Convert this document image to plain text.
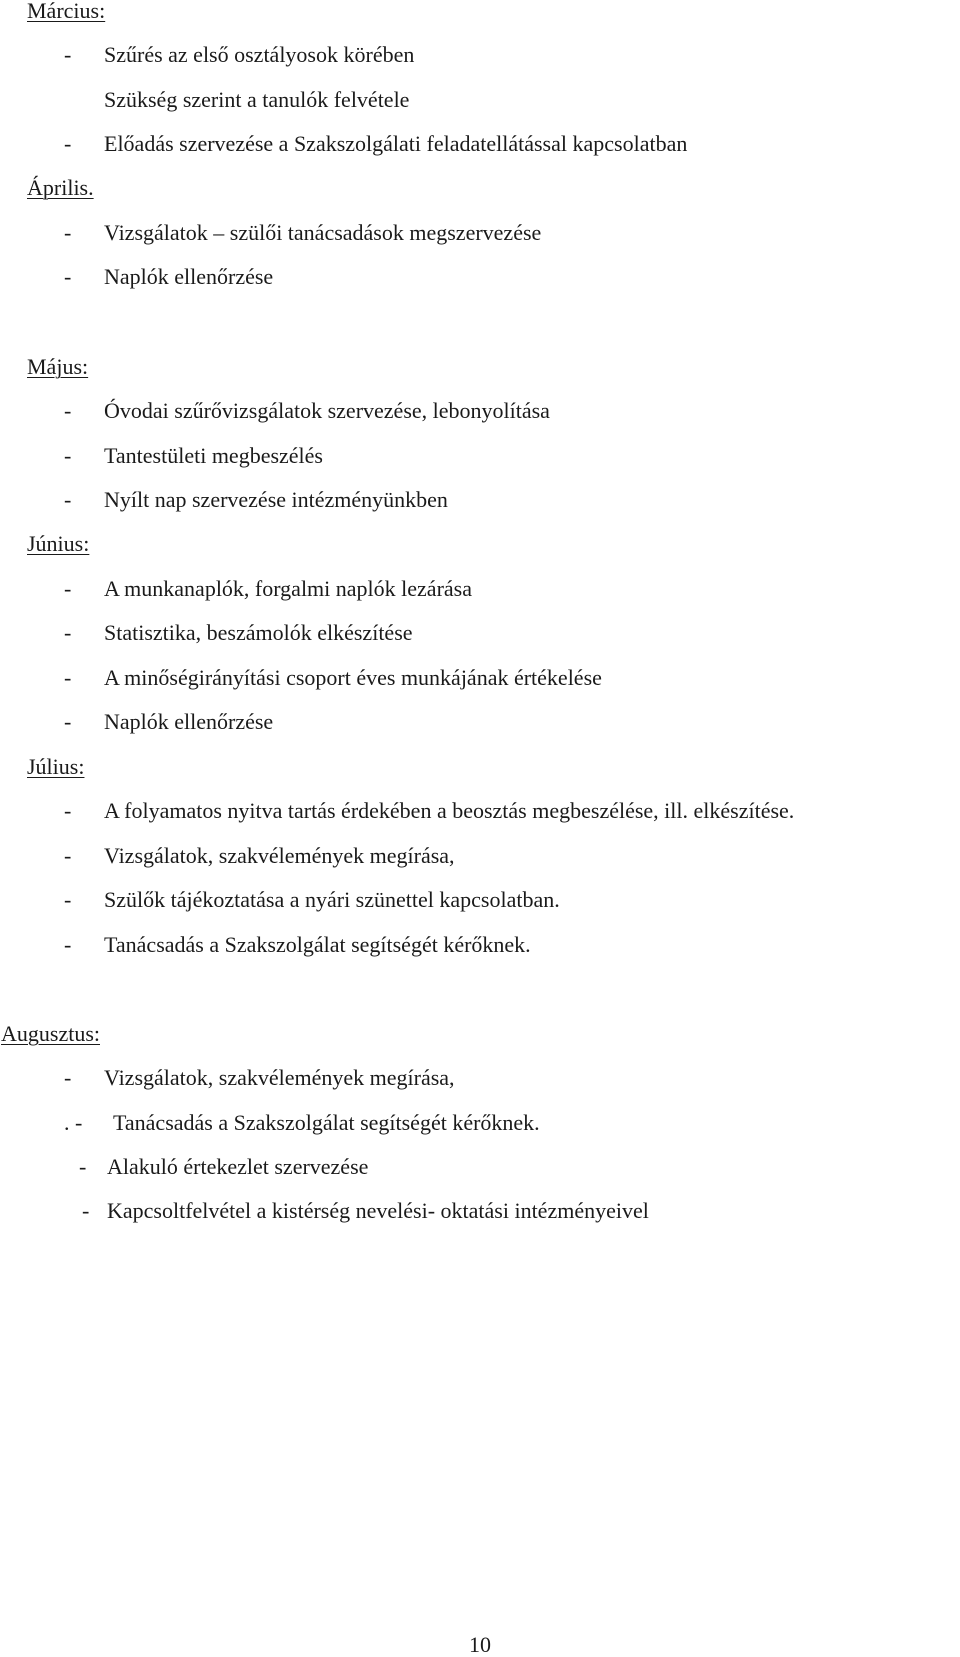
Március:
- Szűrés az első osztályosok körében
Szükség szerint a tanulók felvétele
- Előadás szervezése a Szakszolgálati feladatellátással kapcsolatban
Április.
- Vizsgálatok – szülői tanácsadások megszervezése
- Naplók ellenőrzése
Május:
- Óvodai szűrővizsgálatok szervezése, lebonyolítása
- Tantestületi megbeszélés
- Nyílt nap szervezése intézményünkben
Június:
- A munkanaplók, forgalmi naplók lezárása
- Statisztika, beszámolók elkészítése
- A minőségirányítási csoport éves munkájának értékelése
- Naplók ellenőrzése
Július:
- A folyamatos nyitva tartás érdekében a beosztás megbeszélése, ill. elkészítése.
- Vizsgálatok, szakvélemények megírása,
- Szülők tájékoztatása a nyári szünettel kapcsolatban.
- Tanácsadás a Szakszolgálat segítségét kérőknek.
Augusztus:
- Vizsgálatok, szakvélemények megírása,
. - Tanácsadás a Szakszolgálat segítségét kérőknek.
- Alakuló értekezlet szervezése
- Kapcsoltfelvétel a kistérség nevelési- oktatási intézményeivel
10
